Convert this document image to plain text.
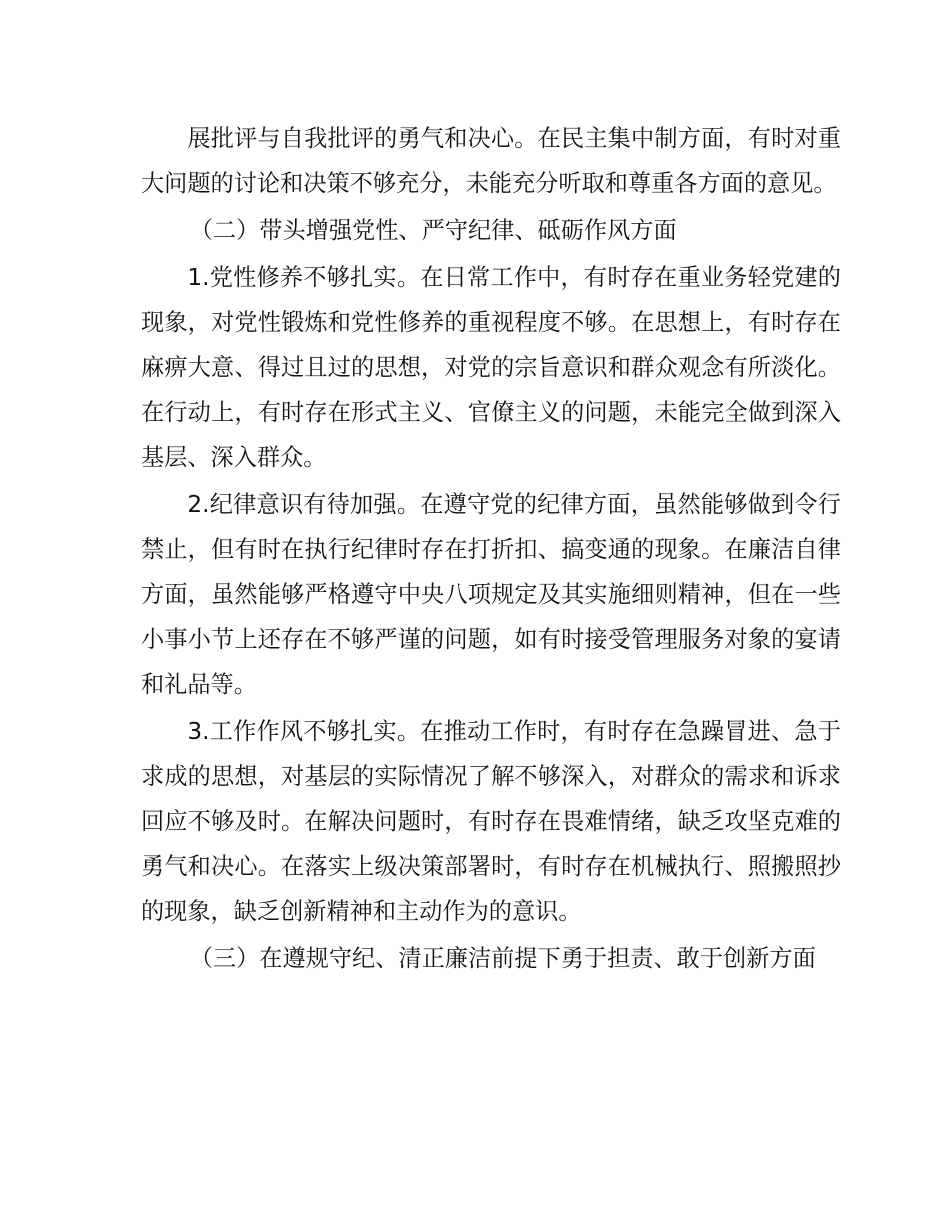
展批评与自我批评的勇气和决心。在民主集中制方面，有时对重大问题的讨论和决策不够充分，未能充分听取和尊重各方面的意见。

（二）带头增强党性、严守纪律、砥砺作风方面

1.党性修养不够扎实。在日常工作中，有时存在重业务轻党建的现象，对党性锻炼和党性修养的重视程度不够。在思想上，有时存在麻痹大意、得过且过的思想，对党的宗旨意识和群众观念有所淡化。在行动上，有时存在形式主义、官僚主义的问题，未能完全做到深入基层、深入群众。

2.纪律意识有待加强。在遵守党的纪律方面，虽然能够做到令行禁止，但有时在执行纪律时存在打折扣、搞变通的现象。在廉洁自律方面，虽然能够严格遵守中央八项规定及其实施细则精神，但在一些小事小节上还存在不够严谨的问题，如有时接受管理服务对象的宴请和礼品等。

3.工作作风不够扎实。在推动工作时，有时存在急躁冒进、急于求成的思想，对基层的实际情况了解不够深入，对群众的需求和诉求回应不够及时。在解决问题时，有时存在畏难情绪，缺乏攻坚克难的勇气和决心。在落实上级决策部署时，有时存在机械执行、照搬照抄的现象，缺乏创新精神和主动作为的意识。

（三）在遵规守纪、清正廉洁前提下勇于担责、敢于创新方面
